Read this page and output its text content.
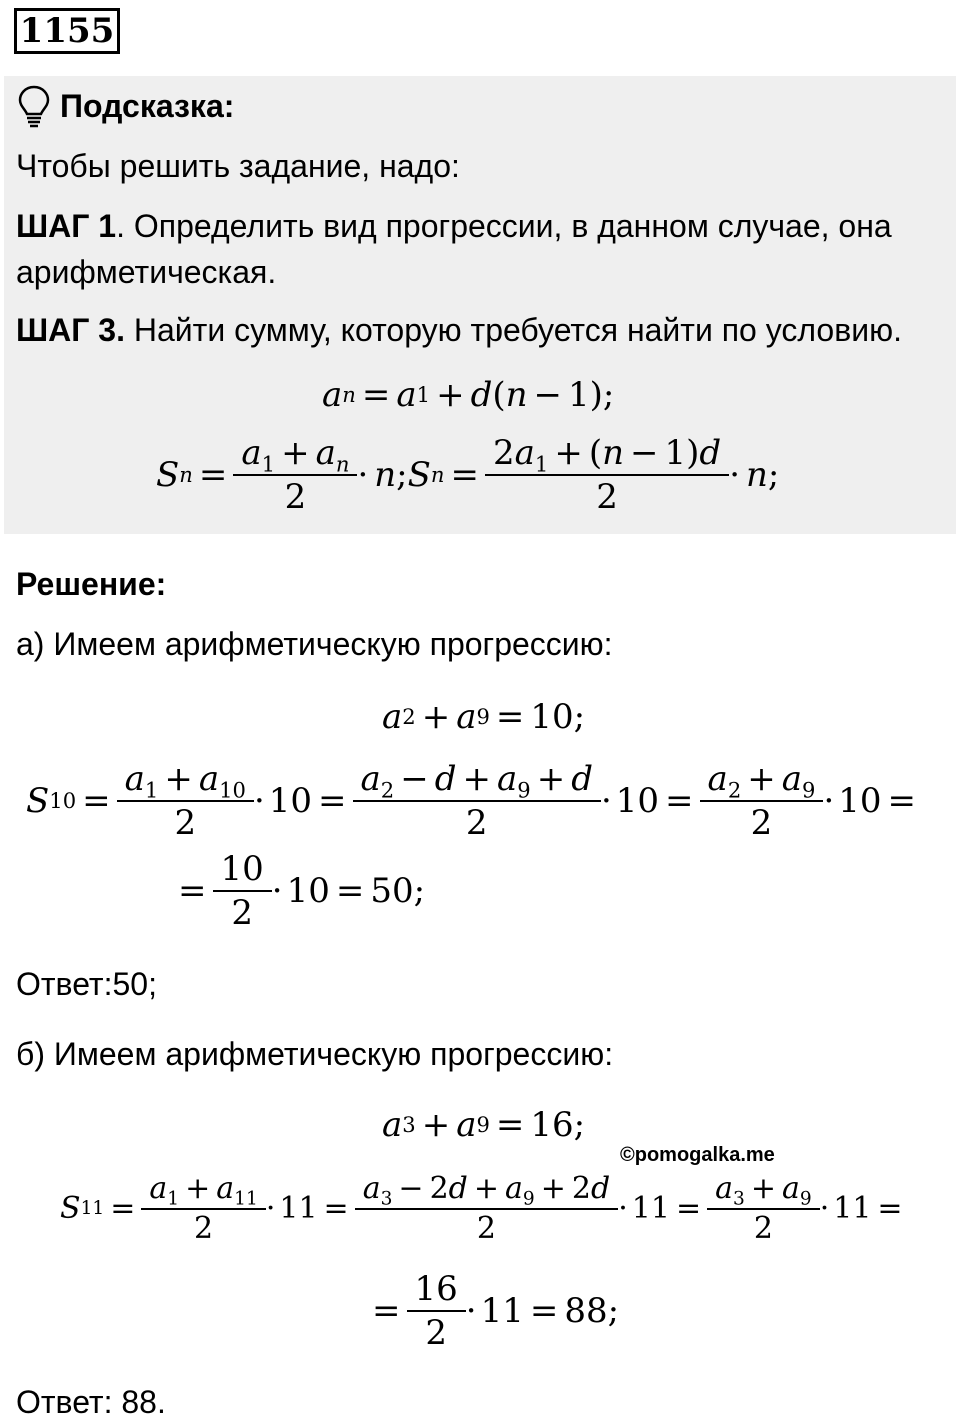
1155
Подсказка:
Чтобы решить задание, надо:
ШАГ 1. Определить вид прогрессии, в данном случае, она
арифметическая.
ШАГ 3. Найти сумму, которую требуется найти по условию.
a n = a 1 + d ( n − 1 );
S $n = \frac{a_1 + a_n}{2} \cdot n$; S $n = \frac{2a_1 + (n - 1)d}{2} \cdot n$;
Решение:
а) Имеем арифметическую прогрессию:
a 2 + a 9 = 10 ;
S $10 = \frac{a_1 + a_{10}}{2} \cdot 10 = \frac{a_2 - d + a_9 + d}{2} \cdot 10 = \frac{a_2 + a_9}{2} \cdot 10$ =
= $\frac{10}{2} \cdot 10 = 50$ ;
Ответ:50;
б) Имеем арифметическую прогрессию:
a 3 + a 9 = 16 ;
©pomogalka.me
S $11 = \frac{a_1 + a_{11}}{2} \cdot 11 = \frac{a_3 - 2d + a_9 + 2d}{2} \cdot 11 = \frac{a_3 + a_9}{2} \cdot 11$ =
= $\frac{16}{2} \cdot 11 = 88$ ;
Ответ: 88.
